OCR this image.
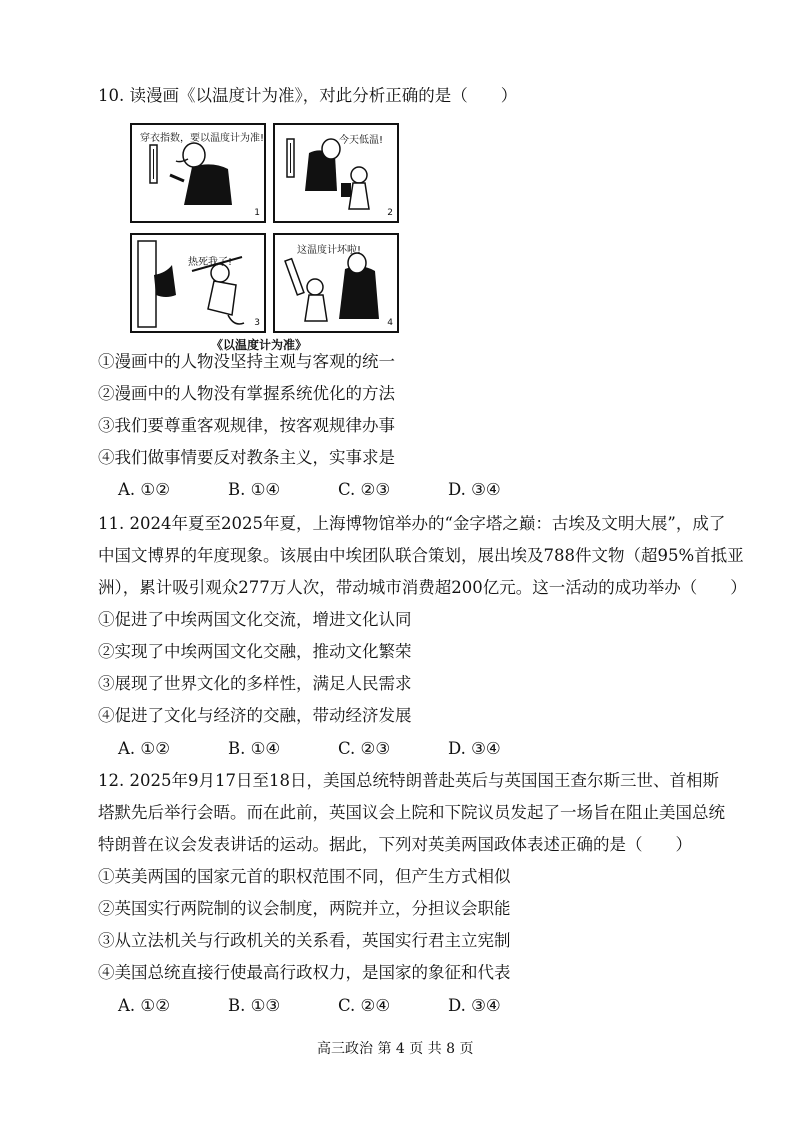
10. 读漫画《以温度计为准》，对此分析正确的是（　　）
穿衣指数，要以温度计为准!
1
今天低温!
2
热死我了!
3
这温度计坏啦!
4
《以温度计为准》
①漫画中的人物没坚持主观与客观的统一
②漫画中的人物没有掌握系统优化的方法
③我们要尊重客观规律，按客观规律办事
④我们做事情要反对教条主义，实事求是
A. ①②	B. ①④	C. ②③	D. ③④
11. 2024年夏至2025年夏，上海博物馆举办的“金字塔之巅：古埃及文明大展”，成了
中国文博界的年度现象。该展由中埃团队联合策划，展出埃及788件文物（超95%首抵亚
洲），累计吸引观众277万人次，带动城市消费超200亿元。这一活动的成功举办（　　）
①促进了中埃两国文化交流，增进文化认同
②实现了中埃两国文化交融，推动文化繁荣
③展现了世界文化的多样性，满足人民需求
④促进了文化与经济的交融，带动经济发展
A. ①②	B. ①④	C. ②③	D. ③④
12. 2025年9月17日至18日，美国总统特朗普赴英后与英国国王查尔斯三世、首相斯
塔默先后举行会晤。而在此前，英国议会上院和下院议员发起了一场旨在阻止美国总统
特朗普在议会发表讲话的运动。据此，下列对英美两国政体表述正确的是（　　）
①英美两国的国家元首的职权范围不同，但产生方式相似
②英国实行两院制的议会制度，两院并立，分担议会职能
③从立法机关与行政机关的关系看，英国实行君主立宪制
④美国总统直接行使最高行政权力，是国家的象征和代表
A. ①②	B. ①③	C. ②④	D. ③④
高三政治 第 4 页 共 8 页
